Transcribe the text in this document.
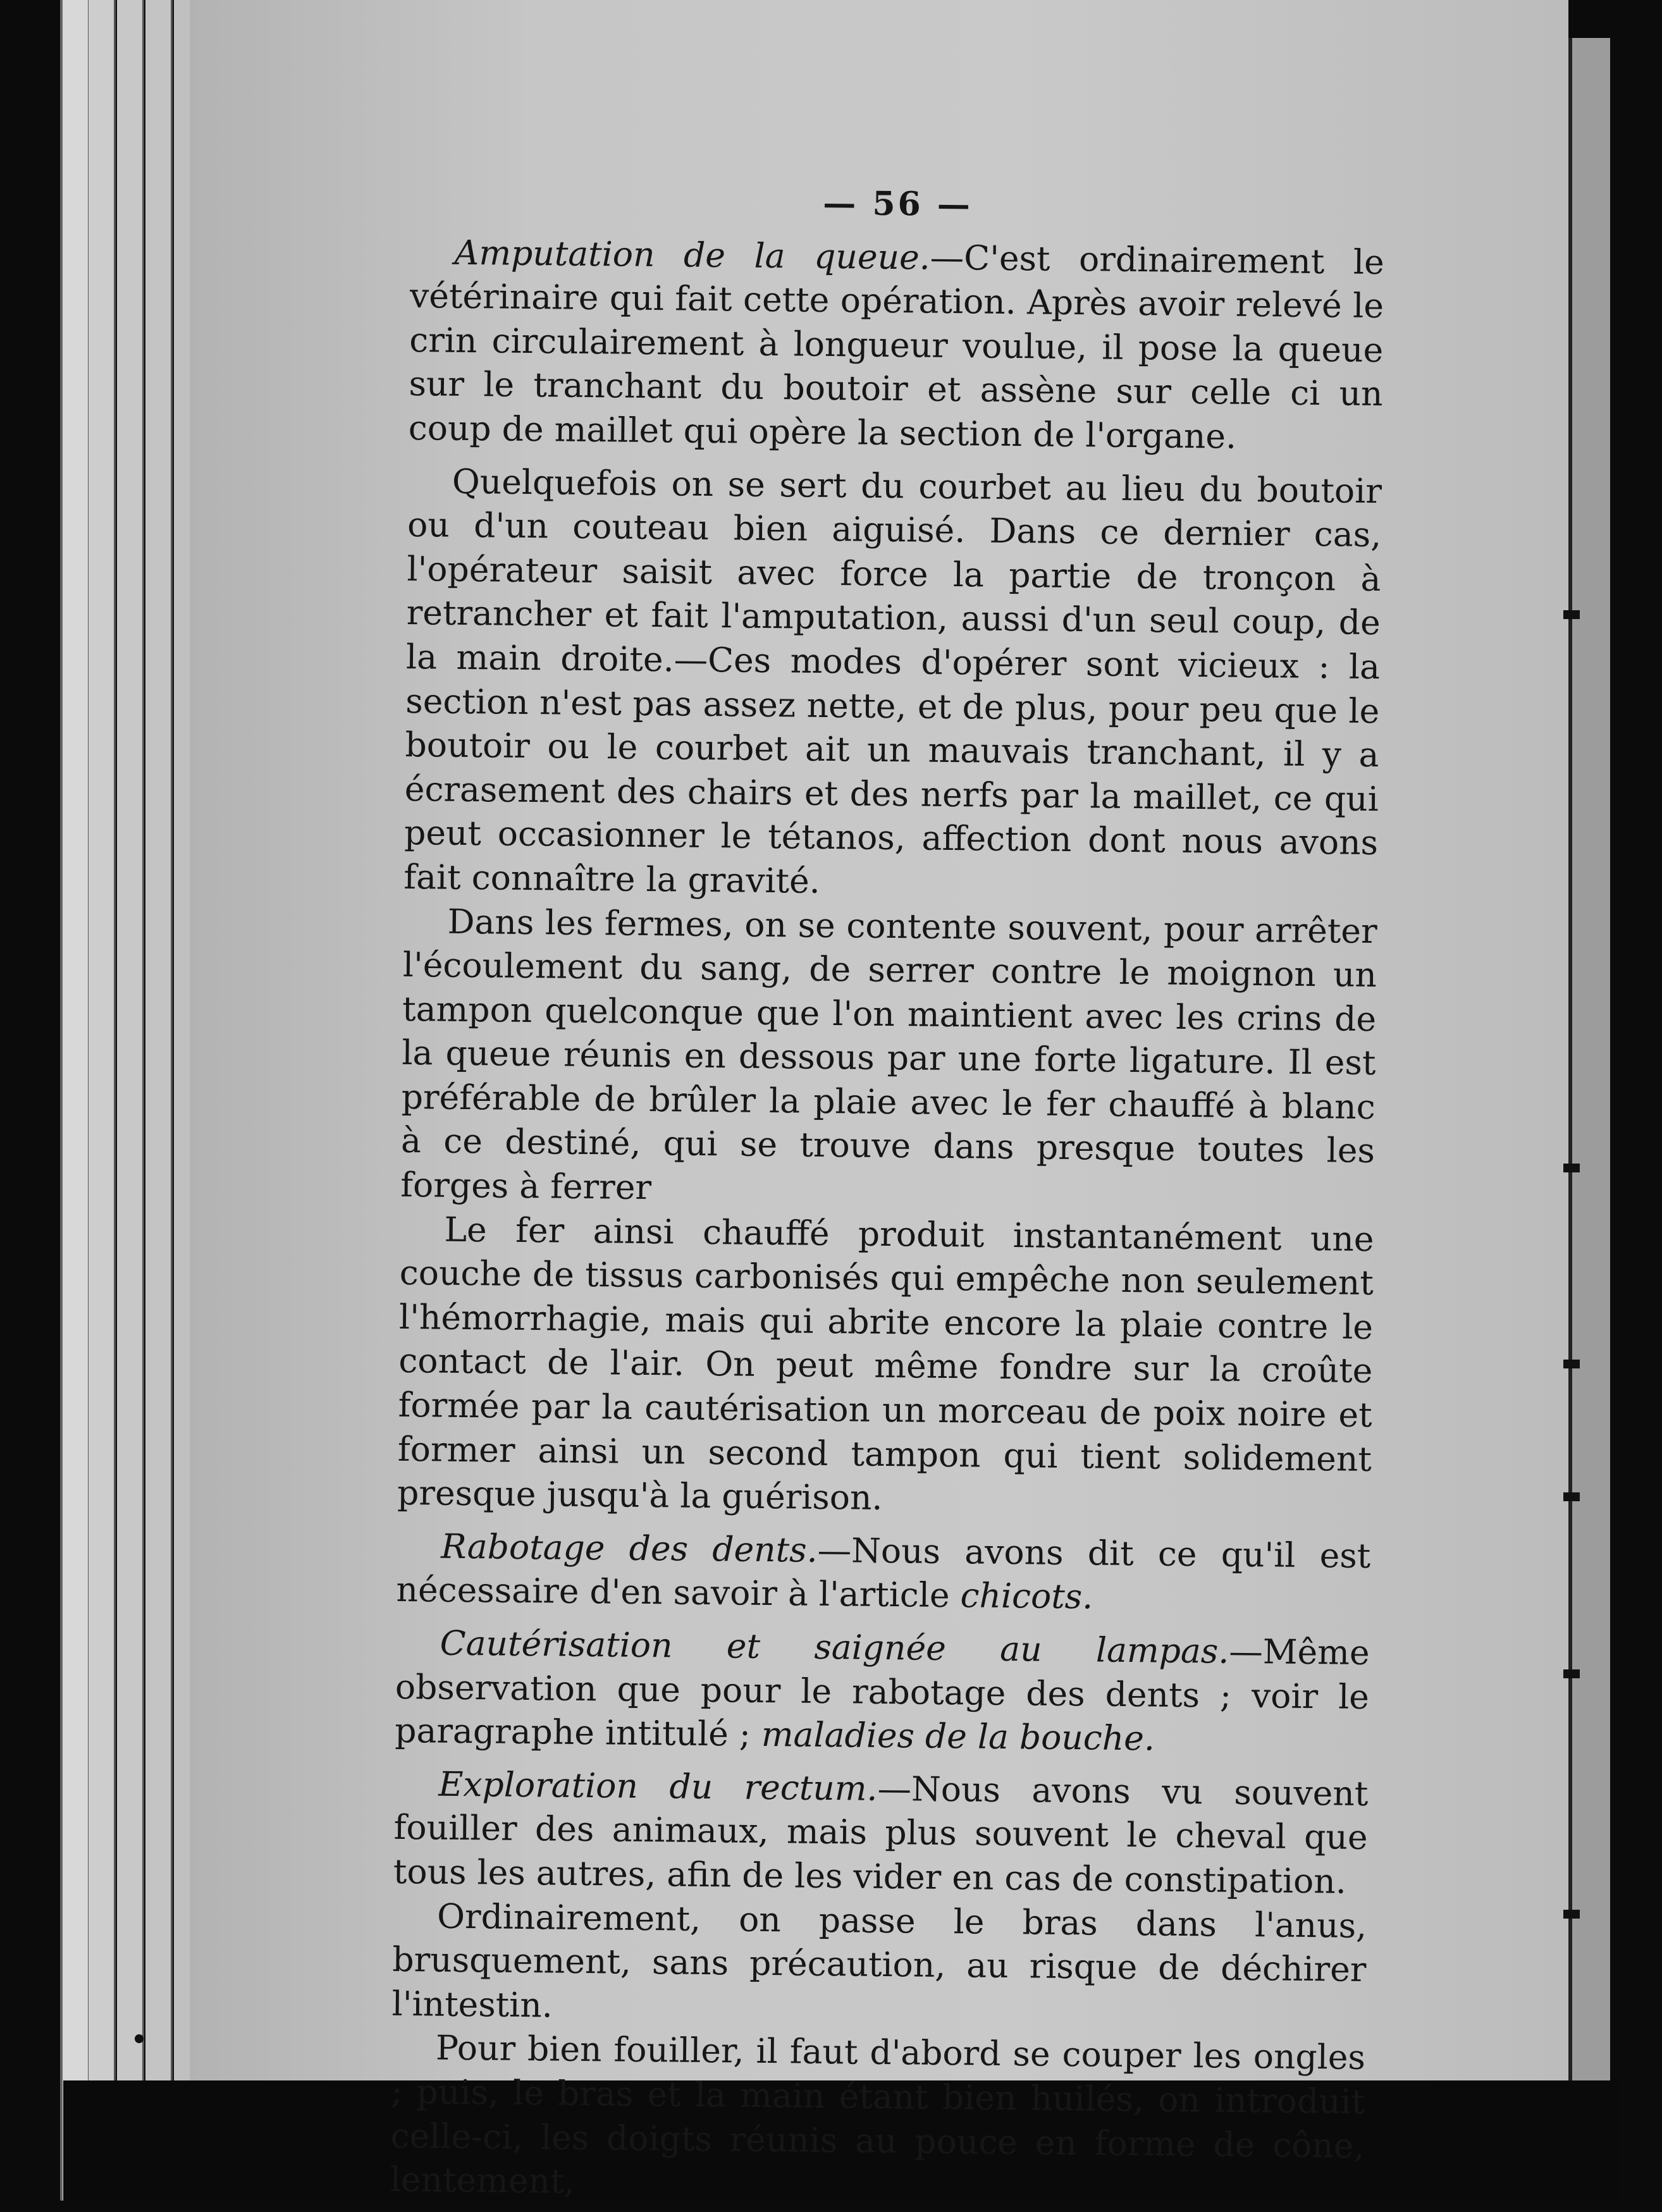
— 56 —

Amputation de la queue.—C'est ordinairement le vétérinaire qui fait cette opération. Après avoir relevé le crin circulairement à longueur voulue, il pose la queue sur le tranchant du boutoir et assène sur celle ci un coup de maillet qui opère la section de l'organe.

Quelquefois on se sert du courbet au lieu du boutoir ou d'un couteau bien aiguisé. Dans ce dernier cas, l'opérateur saisit avec force la partie de tronçon à retrancher et fait l'amputation, aussi d'un seul coup, de la main droite.—Ces modes d'opérer sont vicieux : la section n'est pas assez nette, et de plus, pour peu que le boutoir ou le courbet ait un mauvais tranchant, il y a écrasement des chairs et des nerfs par la maillet, ce qui peut occasionner le tétanos, affection dont nous avons fait connaître la gravité.

Dans les fermes, on se contente souvent, pour arrêter l'écoulement du sang, de serrer contre le moignon un tampon quelconque que l'on maintient avec les crins de la queue réunis en dessous par une forte ligature. Il est préférable de brûler la plaie avec le fer chauffé à blanc à ce destiné, qui se trouve dans presque toutes les forges à ferrer

Le fer ainsi chauffé produit instantanément une couche de tissus carbonisés qui empêche non seulement l'hémorrhagie, mais qui abrite encore la plaie contre le contact de l'air. On peut même fondre sur la croûte formée par la cautérisation un morceau de poix noire et former ainsi un second tampon qui tient solidement presque jusqu'à la guérison.

Rabotage des dents.—Nous avons dit ce qu'il est nécessaire d'en savoir à l'article chicots.

Cautérisation et saignée au lampas.—Même observation que pour le rabotage des dents ; voir le paragraphe intitulé ; maladies de la bouche.

Exploration du rectum.—Nous avons vu souvent fouiller des animaux, mais plus souvent le cheval que tous les autres, afin de les vider en cas de constipation.

Ordinairement, on passe le bras dans l'anus, brusquement, sans précaution, au risque de déchirer l'intestin.

Pour bien fouiller, il faut d'abord se couper les ongles ; puis, le bras et la main étant bien huilés, on introduit celle-ci, les doigts réunis au pouce en forme de cône, lentement,
